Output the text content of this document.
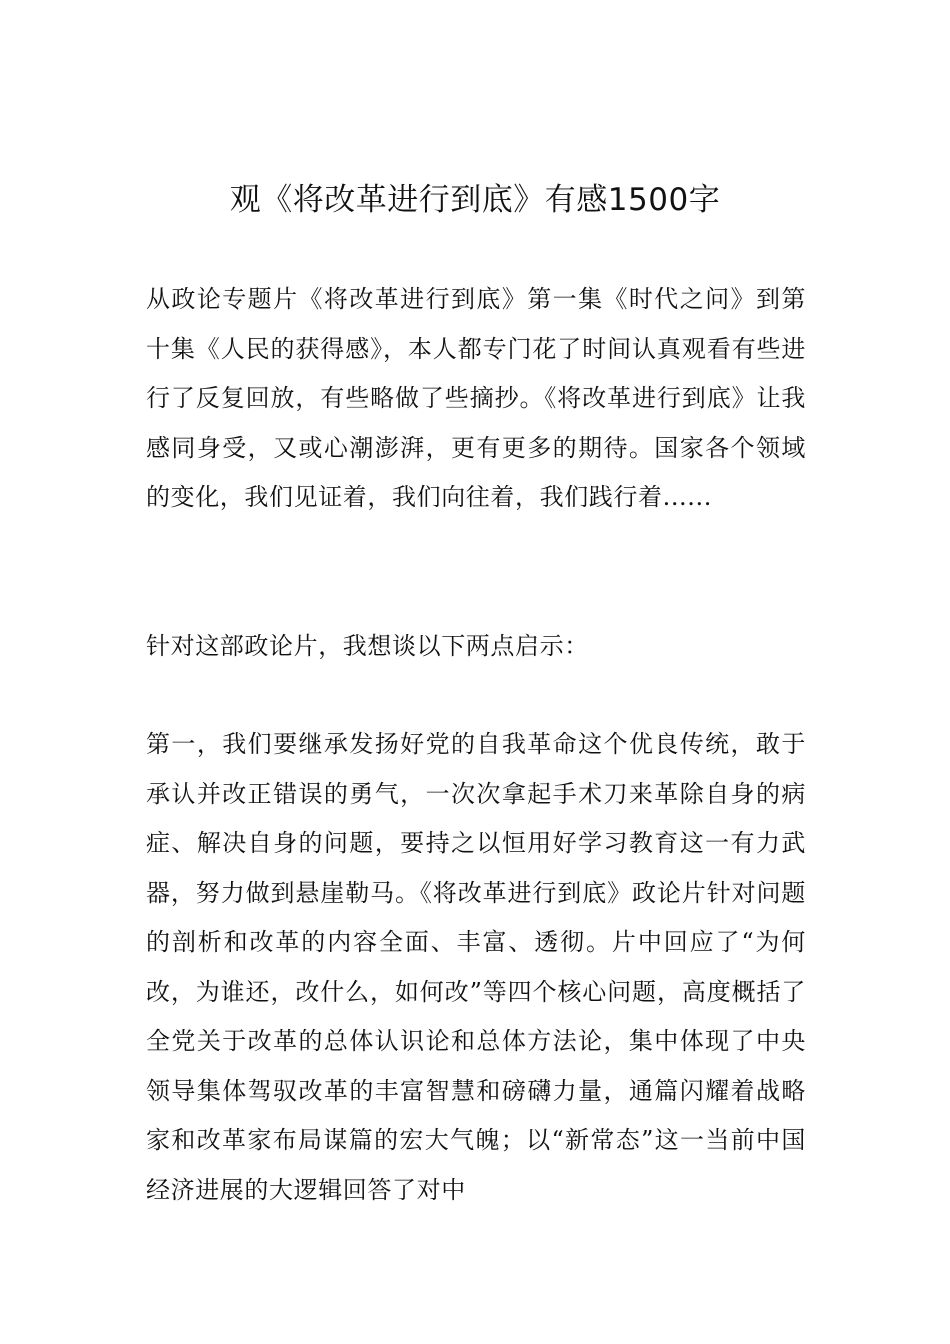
观《将改革进行到底》有感1500字

从政论专题片《将改革进行到底》第一集《时代之问》到第十集《人民的获得感》，本人都专门花了时间认真观看有些进行了反复回放，有些略做了些摘抄。《将改革进行到底》让我感同身受，又或心潮澎湃，更有更多的期待。国家各个领域的变化，我们见证着，我们向往着，我们践行着......

针对这部政论片，我想谈以下两点启示：

第一，我们要继承发扬好党的自我革命这个优良传统，敢于承认并改正错误的勇气，一次次拿起手术刀来革除自身的病症、解决自身的问题，要持之以恒用好学习教育这一有力武器，努力做到悬崖勒马。《将改革进行到底》政论片针对问题的剖析和改革的内容全面、丰富、透彻。片中回应了“为何改，为谁还，改什么，如何改”等四个核心问题，高度概括了全党关于改革的总体认识论和总体方法论，集中体现了中央领导集体驾驭改革的丰富智慧和磅礴力量，通篇闪耀着战略家和改革家布局谋篇的宏大气魄；以“新常态”这一当前中国经济进展的大逻辑回答了对中
